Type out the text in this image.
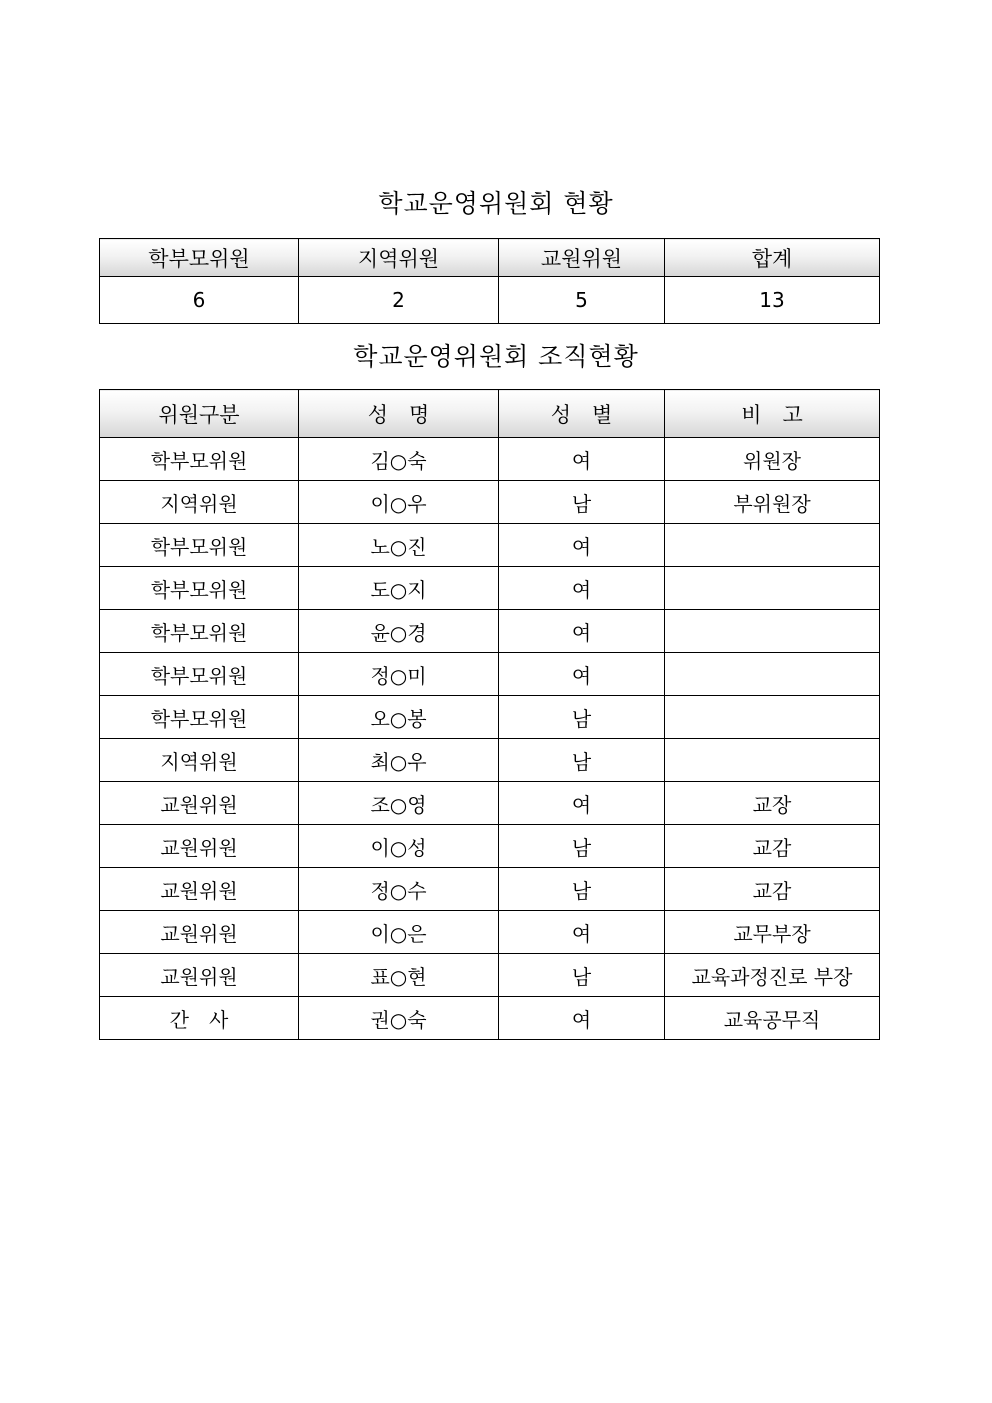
학교운영위원회 현황
학부모위원	지역위원	교원위원	합계
6	2	5	13
학교운영위원회 조직현황
위원구분	성　명	성　별	비　고
학부모위원	김○숙	여	위원장
지역위원	이○우	남	부위원장
학부모위원	노○진	여	
학부모위원	도○지	여	
학부모위원	윤○경	여	
학부모위원	정○미	여	
학부모위원	오○봉	남	
지역위원	최○우	남	
교원위원	조○영	여	교장
교원위원	이○성	남	교감
교원위원	정○수	남	교감
교원위원	이○은	여	교무부장
교원위원	표○현	남	교육과정진로 부장
간　사	권○숙	여	교육공무직
